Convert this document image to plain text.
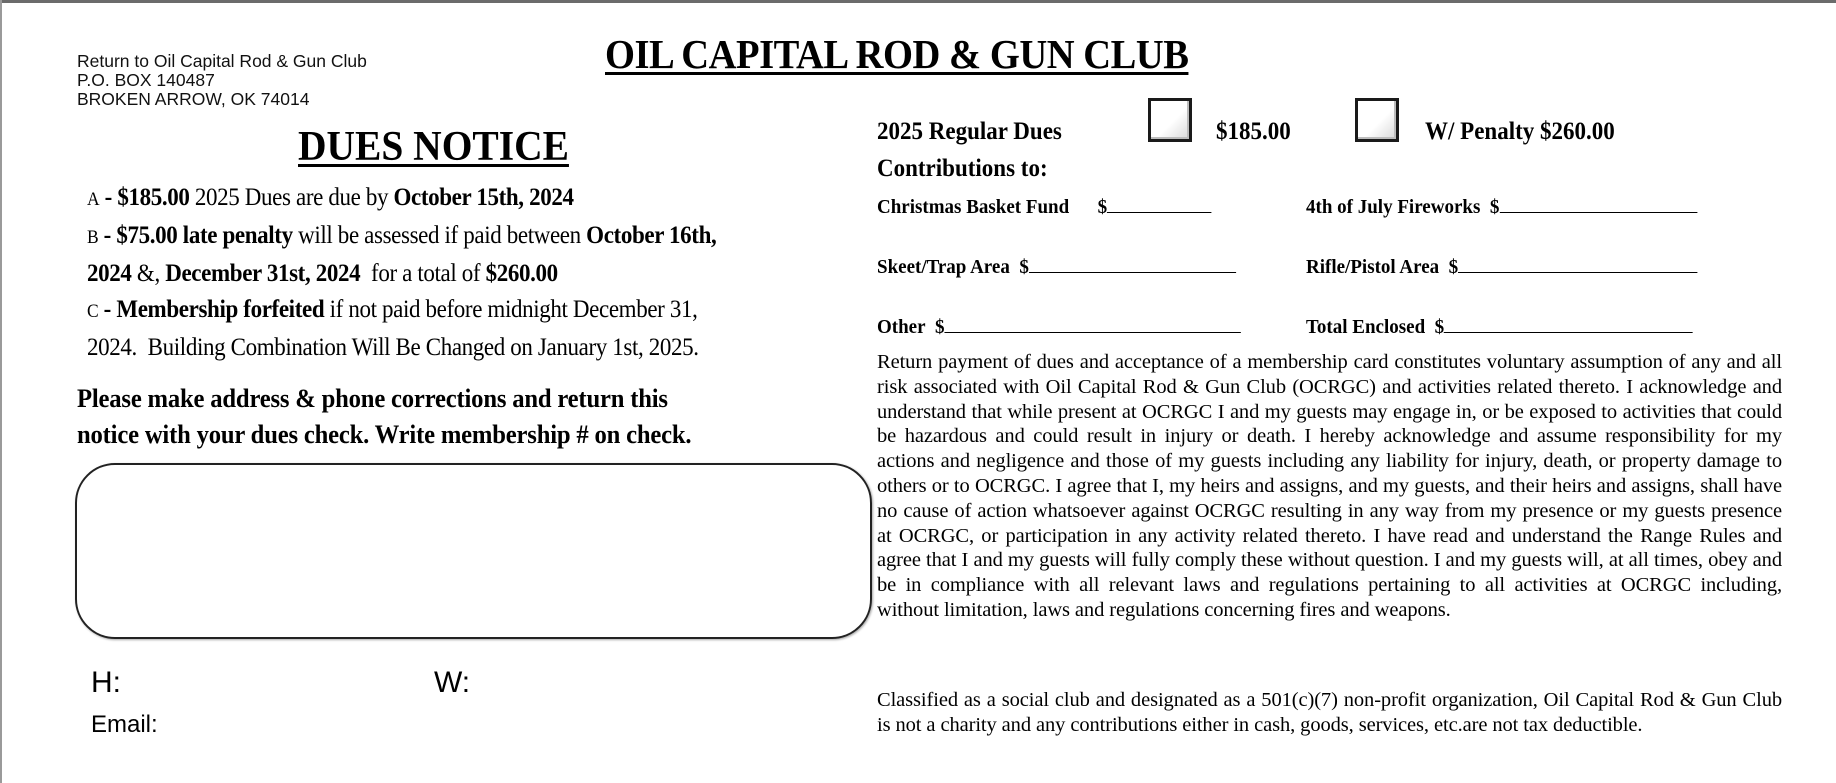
Return to Oil Capital Rod & Gun Club
P.O. BOX 140487
BROKEN ARROW, OK 74014
OIL CAPITAL ROD & GUN CLUB
DUES NOTICE
A - $185.00 2025 Dues are due by October 15th, 2024
B - $75.00 late penalty will be assessed if paid between October 16th,
2024 &, December 31st, 2024  for a total of $260.00
C - Membership forfeited if not paid before midnight December 31,
2024.  Building Combination Will Be Changed on January 1st, 2025.
Please make address & phone corrections and return this
notice with your dues check. Write membership # on check.
H:	W:
Email:
2025 Regular Dues	$185.00	W/ Penalty $260.00
Contributions to:
Christmas Basket Fund $	4th of July Fireworks $
Skeet/Trap Area $	Rifle/Pistol Area $
Other $	Total Enclosed $
Return payment of dues and acceptance of a membership card constitutes voluntary assumption of any and all risk associated with Oil Capital Rod & Gun Club (OCRGC) and activities related thereto. I acknowledge and understand that while present at OCRGC I and my guests may engage in, or be exposed to activities that could be hazardous and could result in injury or death. I hereby acknowledge and assume responsibility for my actions and negligence and those of my guests including any liability for injury, death, or property damage to others or to OCRGC. I agree that I, my heirs and assigns, and my guests, and their heirs and assigns, shall have no cause of action whatsoever against OCRGC resulting in any way from my presence or my guests presence at OCRGC, or participation in any activity related thereto. I have read and understand the Range Rules and agree that I and my guests will fully comply these without question. I and my guests will, at all times, obey and be in compliance with all relevant laws and regulations pertaining to all activities at OCRGC including, without limitation, laws and regulations concerning fires and weapons.
Classified as a social club and designated as a 501(c)(7) non-profit organization, Oil Capital Rod & Gun Club is not a charity and any contributions either in cash, goods, services, etc.are not tax deductible.
